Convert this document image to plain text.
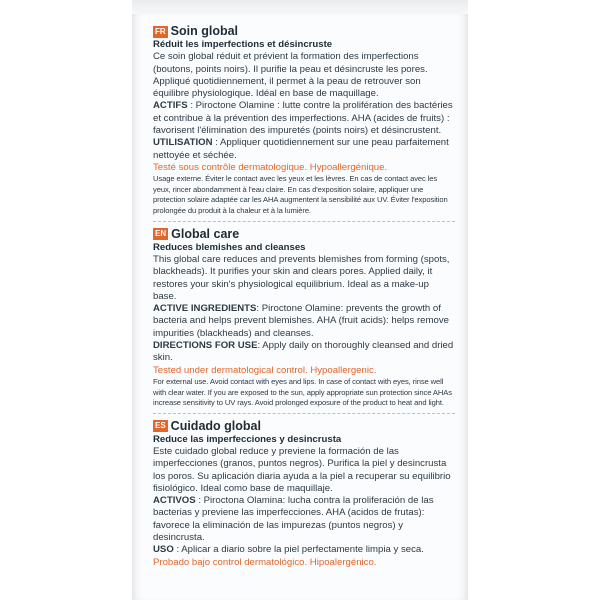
FR Soin global

Réduit les imperfections et désincruste

Ce soin global réduit et prévient la formation des imperfections (boutons, points noirs). Il purifie la peau et désincruste les pores. Appliqué quotidiennement, il permet à la peau de retrouver son équilibre physiologique. Idéal en base de maquillage.

ACTIFS : Piroctone Olamine : lutte contre la prolifération des bactéries et contribue à la prévention des imperfections. AHA (acides de fruits) : favorisent l'élimination des impuretés (points noirs) et désincrustent.

UTILISATION : Appliquer quotidiennement sur une peau parfaitement nettoyée et séchée.

Testé sous contrôle dermatologique. Hypoallergénique.

Usage externe. Éviter le contact avec les yeux et les lèvres. En cas de contact avec les yeux, rincer abondamment à l'eau claire. En cas d'exposition solaire, appliquer une protection solaire adaptée car les AHA augmentent la sensibilité aux UV. Éviter l'exposition prolongée du produit à la chaleur et à la lumière.

EN Global care

Reduces blemishes and cleanses

This global care reduces and prevents blemishes from forming (spots, blackheads). It purifies your skin and clears pores. Applied daily, it restores your skin's physiological equilibrium. Ideal as a make-up base.

ACTIVE INGREDIENTS: Piroctone Olamine: prevents the growth of bacteria and helps prevent blemishes. AHA (fruit acids): helps remove impurities (blackheads) and cleanses.

DIRECTIONS FOR USE: Apply daily on thoroughly cleansed and dried skin.

Tested under dermatological control. Hypoallergenic.

For external use. Avoid contact with eyes and lips. In case of contact with eyes, rinse well with clear water. If you are exposed to the sun, apply appropriate sun protection since AHAs increase sensitivity to UV rays. Avoid prolonged exposure of the product to heat and light.

ES Cuidado global

Reduce las imperfecciones y desincrusta

Este cuidado global reduce y previene la formación de las imperfecciones (granos, puntos negros). Purifica la piel y desincrusta los poros. Su aplicación diaria ayuda a la piel a recuperar su equilibrio fisiológico. Ideal como base de maquillaje.

ACTIVOS : Piroctona Olamina: lucha contra la proliferación de las bacterias y previene las imperfecciones. AHA (acidos de frutas): favorece la eliminación de las impurezas (puntos negros) y desincrusta.

USO : Aplicar a diario sobre la piel perfectamente limpia y seca.

Probado bajo control dermatológico. Hipoalergénico.
